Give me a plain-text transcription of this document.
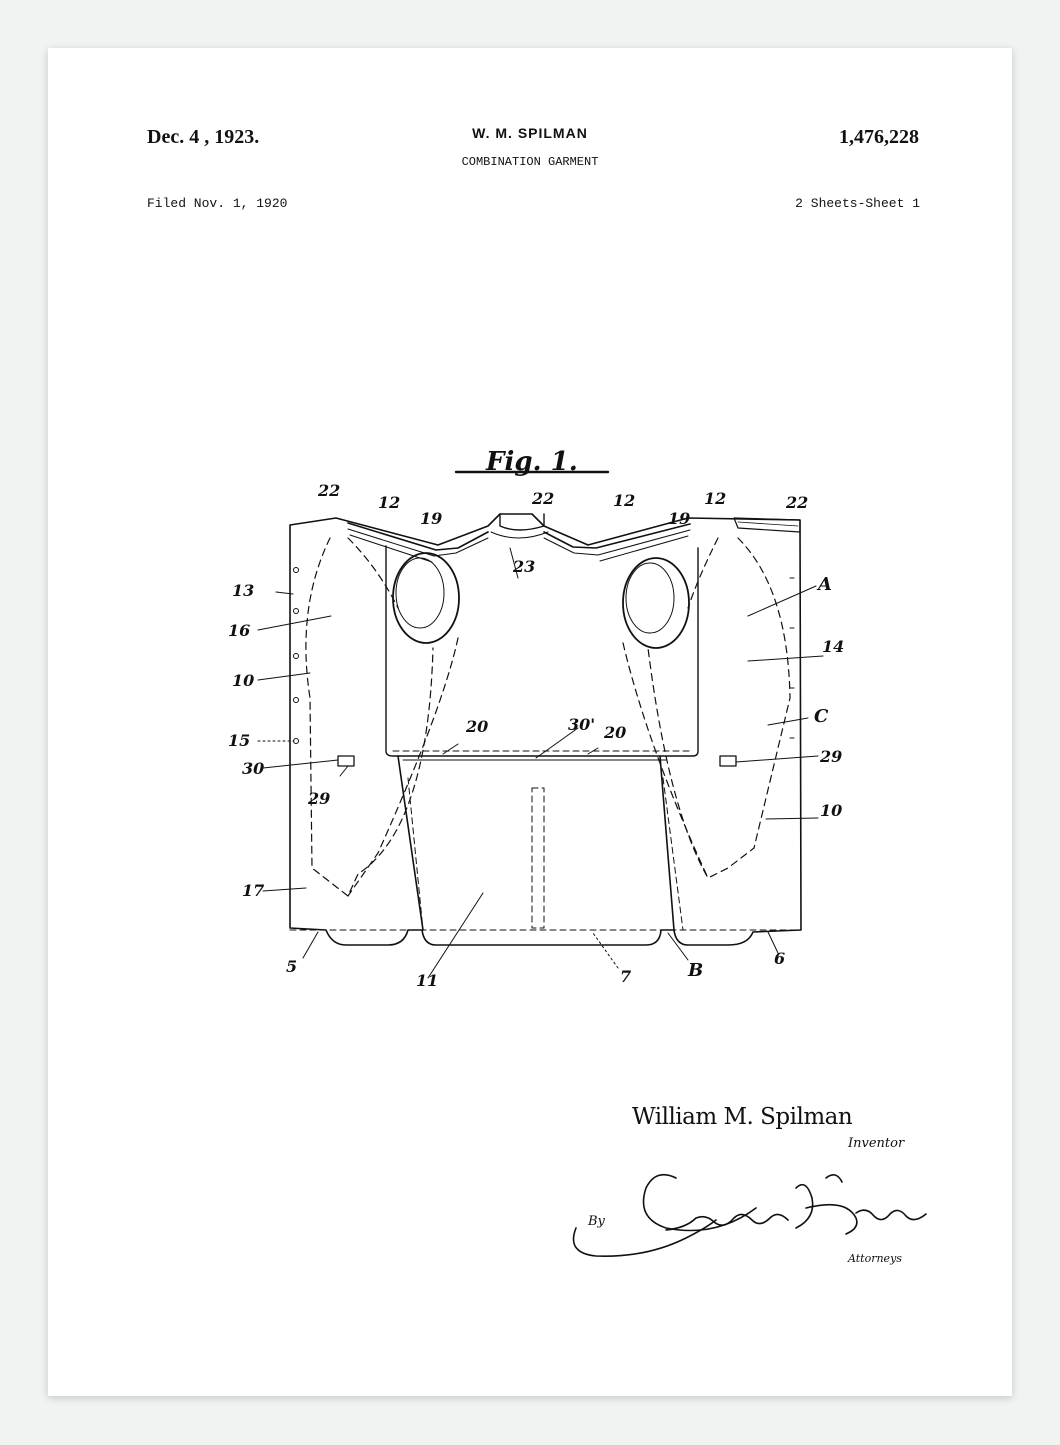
Dec. 4 , 1923.	W. M. SPILMAN
COMBINATION GARMENT
1,476,228
Filed Nov. 1, 1920	2 Sheets-Sheet 1
Fig. 1.
22
12
19
22	12
19
12	22
23
13	A
16
14
10
C
30'
20	20
15
30
29
29
10
17
5
11	7	B
6
William M. Spilman
Inventor
By
Attorneys
